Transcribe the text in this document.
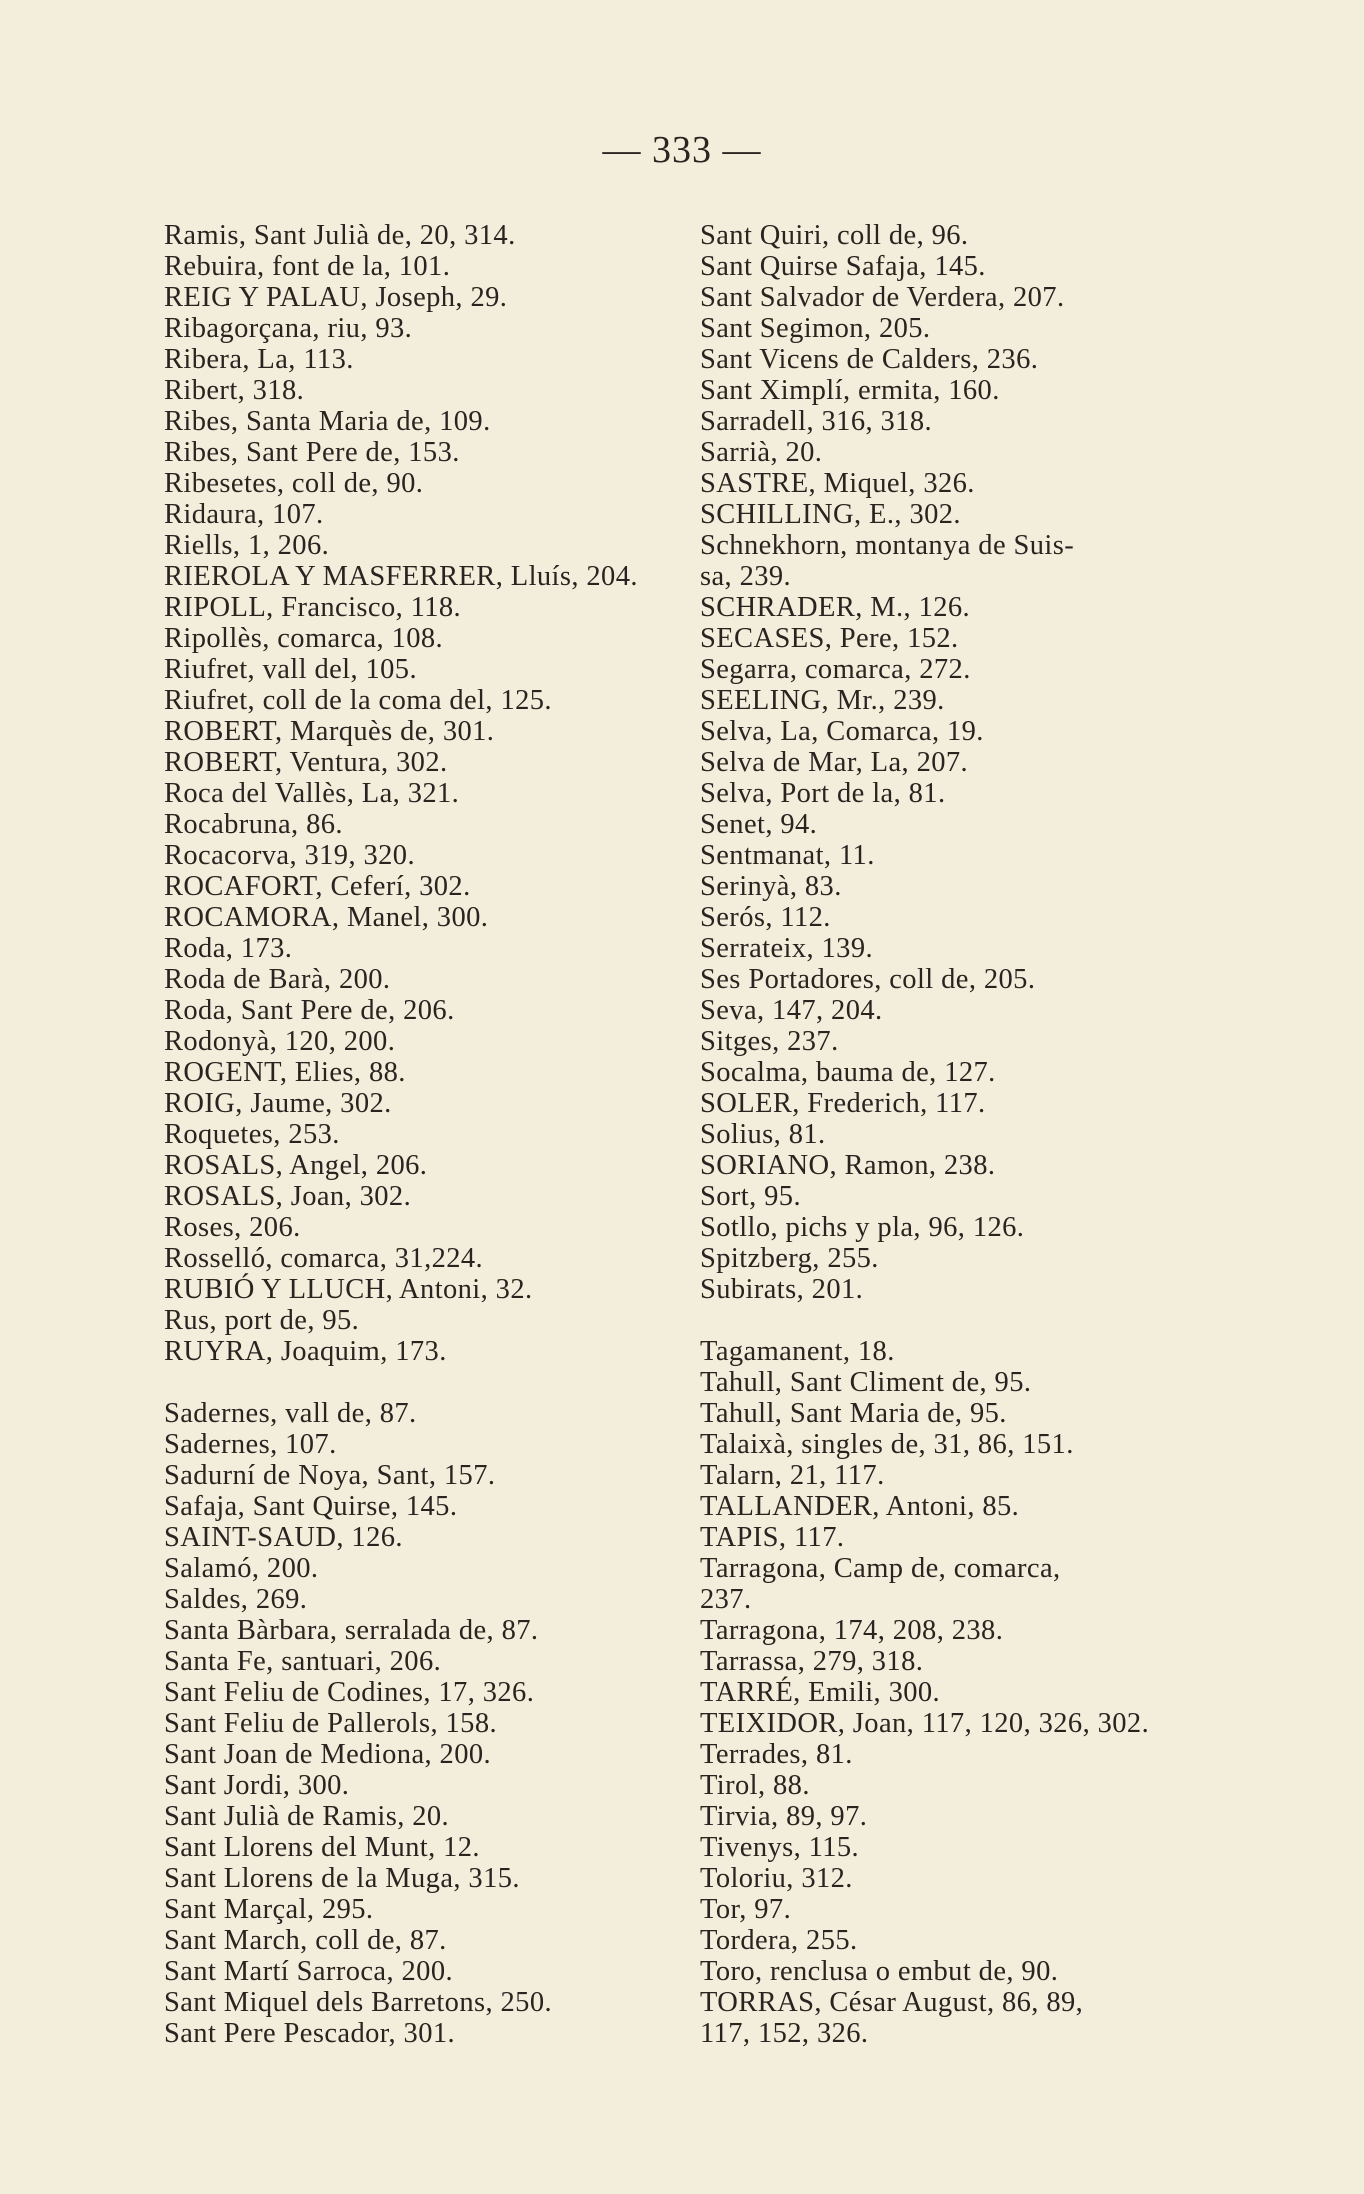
— 333 —
Ramis, Sant Julià de, 20, 314.
Rebuira, font de la, 101.
REIG Y PALAU, Joseph, 29.
Ribagorçana, riu, 93.
Ribera, La, 113.
Ribert, 318.
Ribes, Santa Maria de, 109.
Ribes, Sant Pere de, 153.
Ribesetes, coll de, 90.
Ridaura, 107.
Riells, 1, 206.
RIEROLA Y MASFERRER, Lluís, 204.
RIPOLL, Francisco, 118.
Ripollès, comarca, 108.
Riufret, vall del, 105.
Riufret, coll de la coma del, 125.
ROBERT, Marquès de, 301.
ROBERT, Ventura, 302.
Roca del Vallès, La, 321.
Rocabruna, 86.
Rocacorva, 319, 320.
ROCAFORT, Ceferí, 302.
ROCAMORA, Manel, 300.
Roda, 173.
Roda de Barà, 200.
Roda, Sant Pere de, 206.
Rodonyà, 120, 200.
ROGENT, Elies, 88.
ROIG, Jaume, 302.
Roquetes, 253.
ROSALS, Angel, 206.
ROSALS, Joan, 302.
Roses, 206.
Rosselló, comarca, 31,224.
RUBIÓ Y LLUCH, Antoni, 32.
Rus, port de, 95.
RUYRA, Joaquim, 173.
Sadernes, vall de, 87.
Sadernes, 107.
Sadurní de Noya, Sant, 157.
Safaja, Sant Quirse, 145.
SAINT-SAUD, 126.
Salamó, 200.
Saldes, 269.
Santa Bàrbara, serralada de, 87.
Santa Fe, santuari, 206.
Sant Feliu de Codines, 17, 326.
Sant Feliu de Pallerols, 158.
Sant Joan de Mediona, 200.
Sant Jordi, 300.
Sant Julià de Ramis, 20.
Sant Llorens del Munt, 12.
Sant Llorens de la Muga, 315.
Sant Marçal, 295.
Sant March, coll de, 87.
Sant Martí Sarroca, 200.
Sant Miquel dels Barretons, 250.
Sant Pere Pescador, 301.
Sant Quiri, coll de, 96.
Sant Quirse Safaja, 145.
Sant Salvador de Verdera, 207.
Sant Segimon, 205.
Sant Vicens de Calders, 236.
Sant Ximplí, ermita, 160.
Sarradell, 316, 318.
Sarrià, 20.
SASTRE, Miquel, 326.
SCHILLING, E., 302.
Schnekhorn, montanya de Suis-
sa, 239.
SCHRADER, M., 126.
SECASES, Pere, 152.
Segarra, comarca, 272.
SEELING, Mr., 239.
Selva, La, Comarca, 19.
Selva de Mar, La, 207.
Selva, Port de la, 81.
Senet, 94.
Sentmanat, 11.
Serinyà, 83.
Serós, 112.
Serrateix, 139.
Ses Portadores, coll de, 205.
Seva, 147, 204.
Sitges, 237.
Socalma, bauma de, 127.
SOLER, Frederich, 117.
Solius, 81.
SORIANO, Ramon, 238.
Sort, 95.
Sotllo, pichs y pla, 96, 126.
Spitzberg, 255.
Subirats, 201.
Tagamanent, 18.
Tahull, Sant Climent de, 95.
Tahull, Sant Maria de, 95.
Talaixà, singles de, 31, 86, 151.
Talarn, 21, 117.
TALLANDER, Antoni, 85.
TAPIS, 117.
Tarragona, Camp de, comarca,
237.
Tarragona, 174, 208, 238.
Tarrassa, 279, 318.
TARRÉ, Emili, 300.
TEIXIDOR, Joan, 117, 120, 326, 302.
Terrades, 81.
Tirol, 88.
Tirvia, 89, 97.
Tivenys, 115.
Toloriu, 312.
Tor, 97.
Tordera, 255.
Toro, renclusa o embut de, 90.
TORRAS, César August, 86, 89,
117, 152, 326.
